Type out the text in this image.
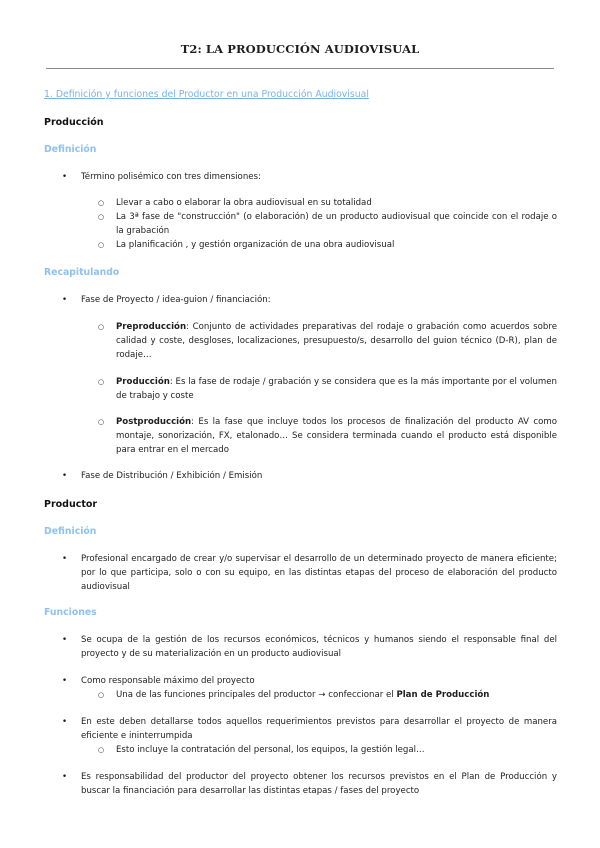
T2: LA PRODUCCIÓN AUDIOVISUAL
1. Definición y funciones del Productor en una Producción Audiovisual
Producción
Definición
• Término polisémico con tres dimensiones:
○ Llevar a cabo o elaborar la obra audiovisual en su totalidad
○ La 3ª fase de "construcción" (o elaboración) de un producto audiovisual que coincide con el rodaje o la grabación
○ La planificación , y gestión organización de una obra audiovisual
Recapitulando
• Fase de Proyecto / idea-guion / financiación:
○ Preproducción: Conjunto de actividades preparativas del rodaje o grabación como acuerdos sobre calidad y coste, desgloses, localizaciones, presupuesto/s, desarrollo del guion técnico (D-R), plan de rodaje…
○ Producción: Es la fase de rodaje / grabación y se considera que es la más importante por el volumen de trabajo y coste
○ Postproducción: Es la fase que incluye todos los procesos de finalización del producto AV como montaje, sonorización, FX, etalonado… Se considera terminada cuando el producto está disponible para entrar en el mercado
• Fase de Distribución / Exhibición / Emisión
Productor
Definición
• Profesional encargado de crear y/o supervisar el desarrollo de un determinado proyecto de manera eficiente; por lo que participa, solo o con su equipo, en las distintas etapas del proceso de elaboración del producto audiovisual
Funciones
• Se ocupa de la gestión de los recursos económicos, técnicos y humanos siendo el responsable final del proyecto y de su materialización en un producto audiovisual
• Como responsable máximo del proyecto
○ Una de las funciones principales del productor → confeccionar el Plan de Producción
• En este deben detallarse todos aquellos requerimientos previstos para desarrollar el proyecto de manera eficiente e ininterrumpida
○ Esto incluye la contratación del personal, los equipos, la gestión legal…
• Es responsabilidad del productor del proyecto obtener los recursos previstos en el Plan de Producción y buscar la financiación para desarrollar las distintas etapas / fases del proyecto
